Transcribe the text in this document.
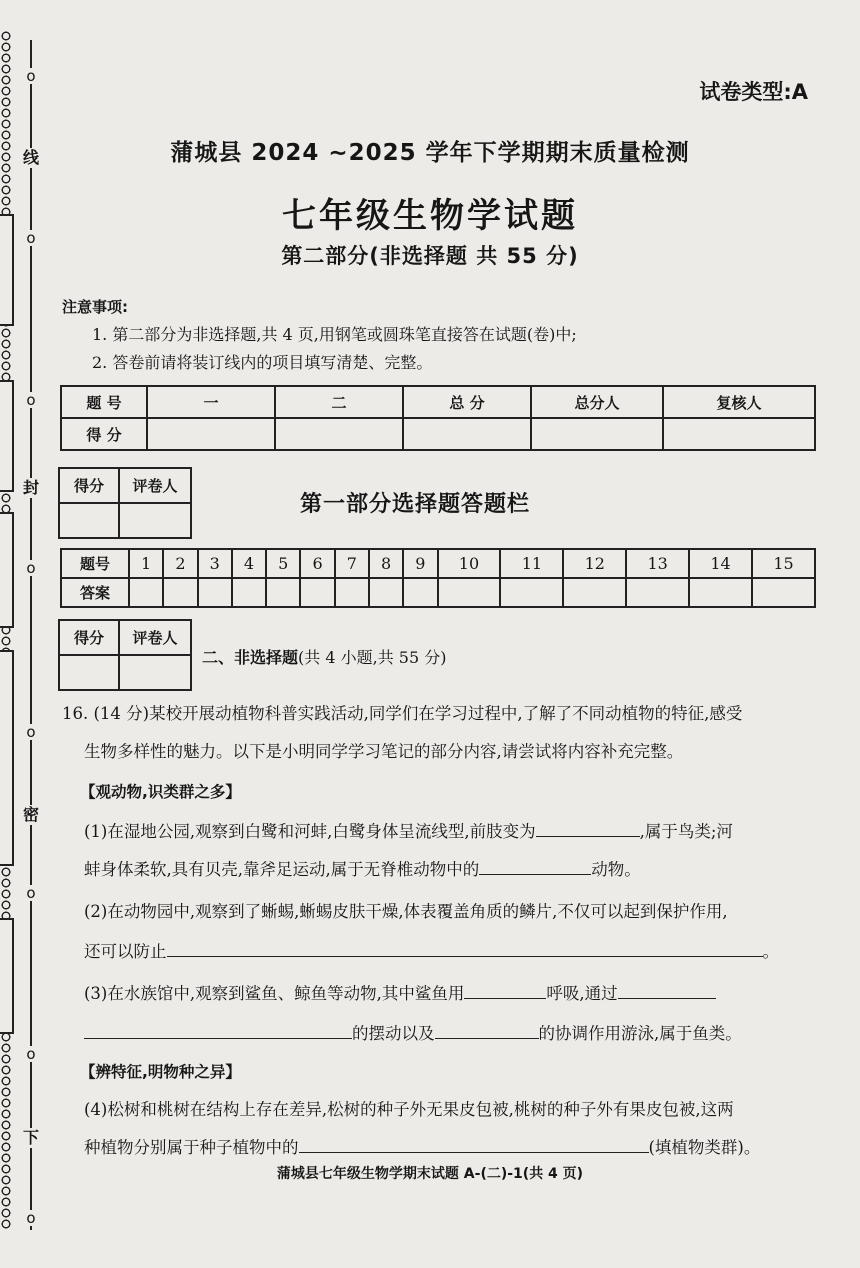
o
线
o
o
封
o
o
密
o
o
下
o
试卷类型:A
蒲城县 2024 ~2025 学年下学期期末质量检测
七年级生物学试题
第二部分(非选择题 共 55 分)
注意事项:
1. 第二部分为非选择题,共 4 页,用钢笔或圆珠笔直接答在试题(卷)中;
2. 答卷前请将装订线内的项目填写清楚、完整。
题 号	一	二	总 分	总分人	复核人
得 分					
得分	评卷人

第一部分选择题答题栏
题号	1	2	3	4	5	6	7	8	9	10	11	12	13	14	15
答案															
得分	评卷人

二、非选择题(共 4 小题,共 55 分)
16. (14 分)某校开展动植物科普实践活动,同学们在学习过程中,了解了不同动植物的特征,感受
生物多样性的魅力。以下是小明同学学习笔记的部分内容,请尝试将内容补充完整。
【观动物,识类群之多】
(1)在湿地公园,观察到白鹭和河蚌,白鹭身体呈流线型,前肢变为	,属于鸟类;河
蚌身体柔软,具有贝壳,靠斧足运动,属于无脊椎动物中的	动物。
(2)在动物园中,观察到了蜥蜴,蜥蜴皮肤干燥,体表覆盖角质的鳞片,不仅可以起到保护作用,
还可以防止	。
(3)在水族馆中,观察到鲨鱼、鲸鱼等动物,其中鲨鱼用	呼吸,通过
的摆动以及	的协调作用游泳,属于鱼类。
【辨特征,明物种之异】
(4)松树和桃树在结构上存在差异,松树的种子外无果皮包被,桃树的种子外有果皮包被,这两
种植物分别属于种子植物中的	(填植物类群)。
蒲城县七年级生物学期末试题 A-(二)-1(共 4 页)
